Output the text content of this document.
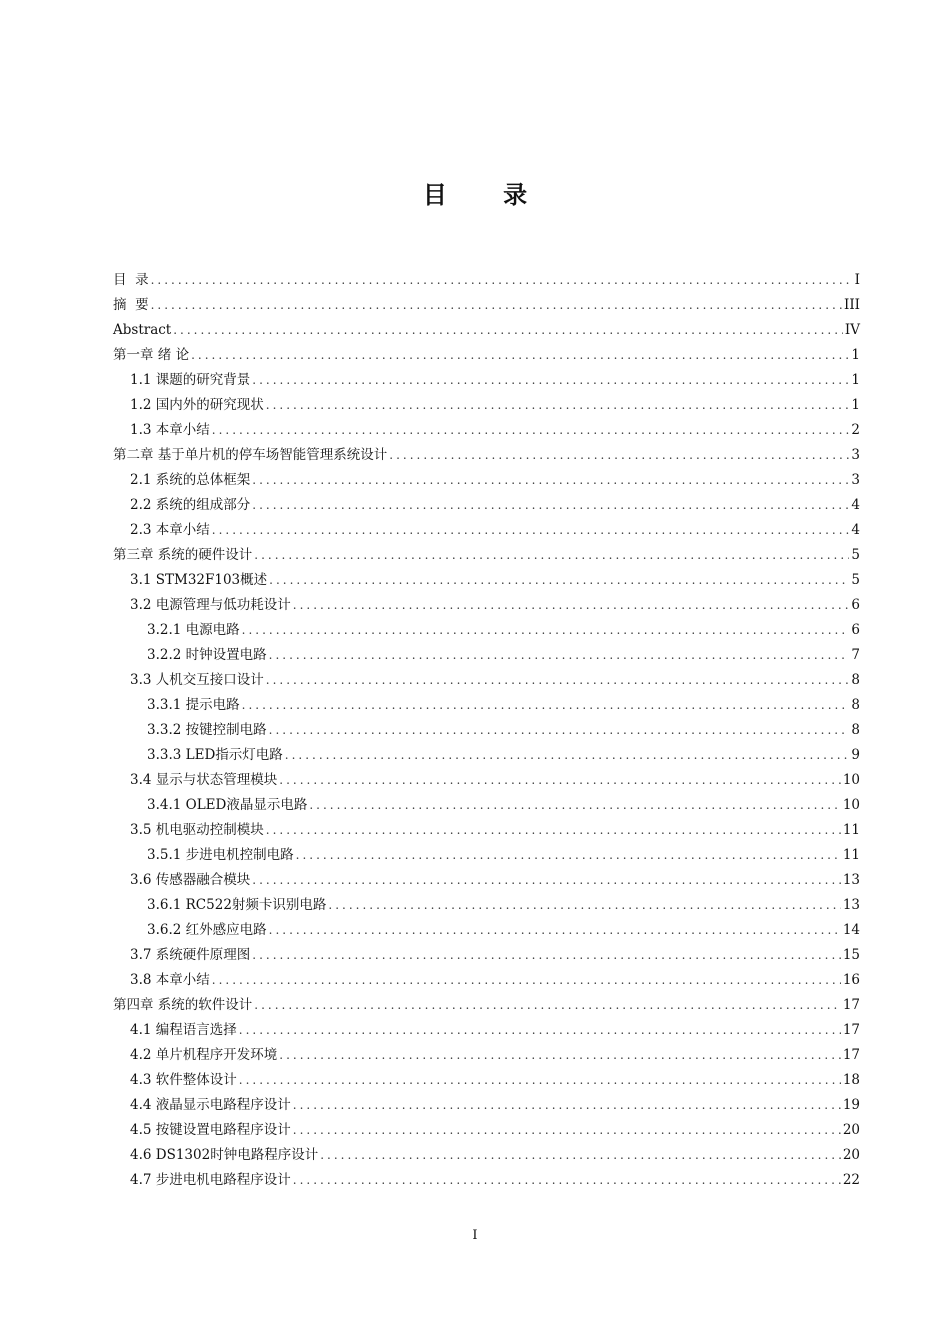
目 录
目  录 .....	I
摘  要 .....	III
Abstract .....	IV
第一章 绪 论 .....	1
1.1 课题的研究背景 .....	1
1.2 国内外的研究现状 .....	1
1.3 本章小结 .....	2
第二章 基于单片机的停车场智能管理系统设计 .....	3
2.1 系统的总体框架 .....	3
2.2 系统的组成部分 .....	4
2.3 本章小结 .....	4
第三章 系统的硬件设计 .....	5
3.1 STM32F103概述 .....	5
3.2 电源管理与低功耗设计 .....	6
3.2.1 电源电路 .....	6
3.2.2 时钟设置电路 .....	7
3.3 人机交互接口设计 .....	8
3.3.1 提示电路 .....	8
3.3.2 按键控制电路 .....	8
3.3.3 LED指示灯电路 .....	9
3.4 显示与状态管理模块 .....	10
3.4.1 OLED液晶显示电路 .....	10
3.5 机电驱动控制模块 .....	11
3.5.1 步进电机控制电路 .....	11
3.6 传感器融合模块 .....	13
3.6.1 RC522射频卡识别电路 .....	13
3.6.2 红外感应电路 .....	14
3.7 系统硬件原理图 .....	15
3.8 本章小结 .....	16
第四章 系统的软件设计 .....	17
4.1 编程语言选择 .....	17
4.2 单片机程序开发环境 .....	17
4.3 软件整体设计 .....	18
4.4 液晶显示电路程序设计 .....	19
4.5 按键设置电路程序设计 .....	20
4.6 DS1302时钟电路程序设计 .....	20
4.7 步进电机电路程序设计 .....	22
I
